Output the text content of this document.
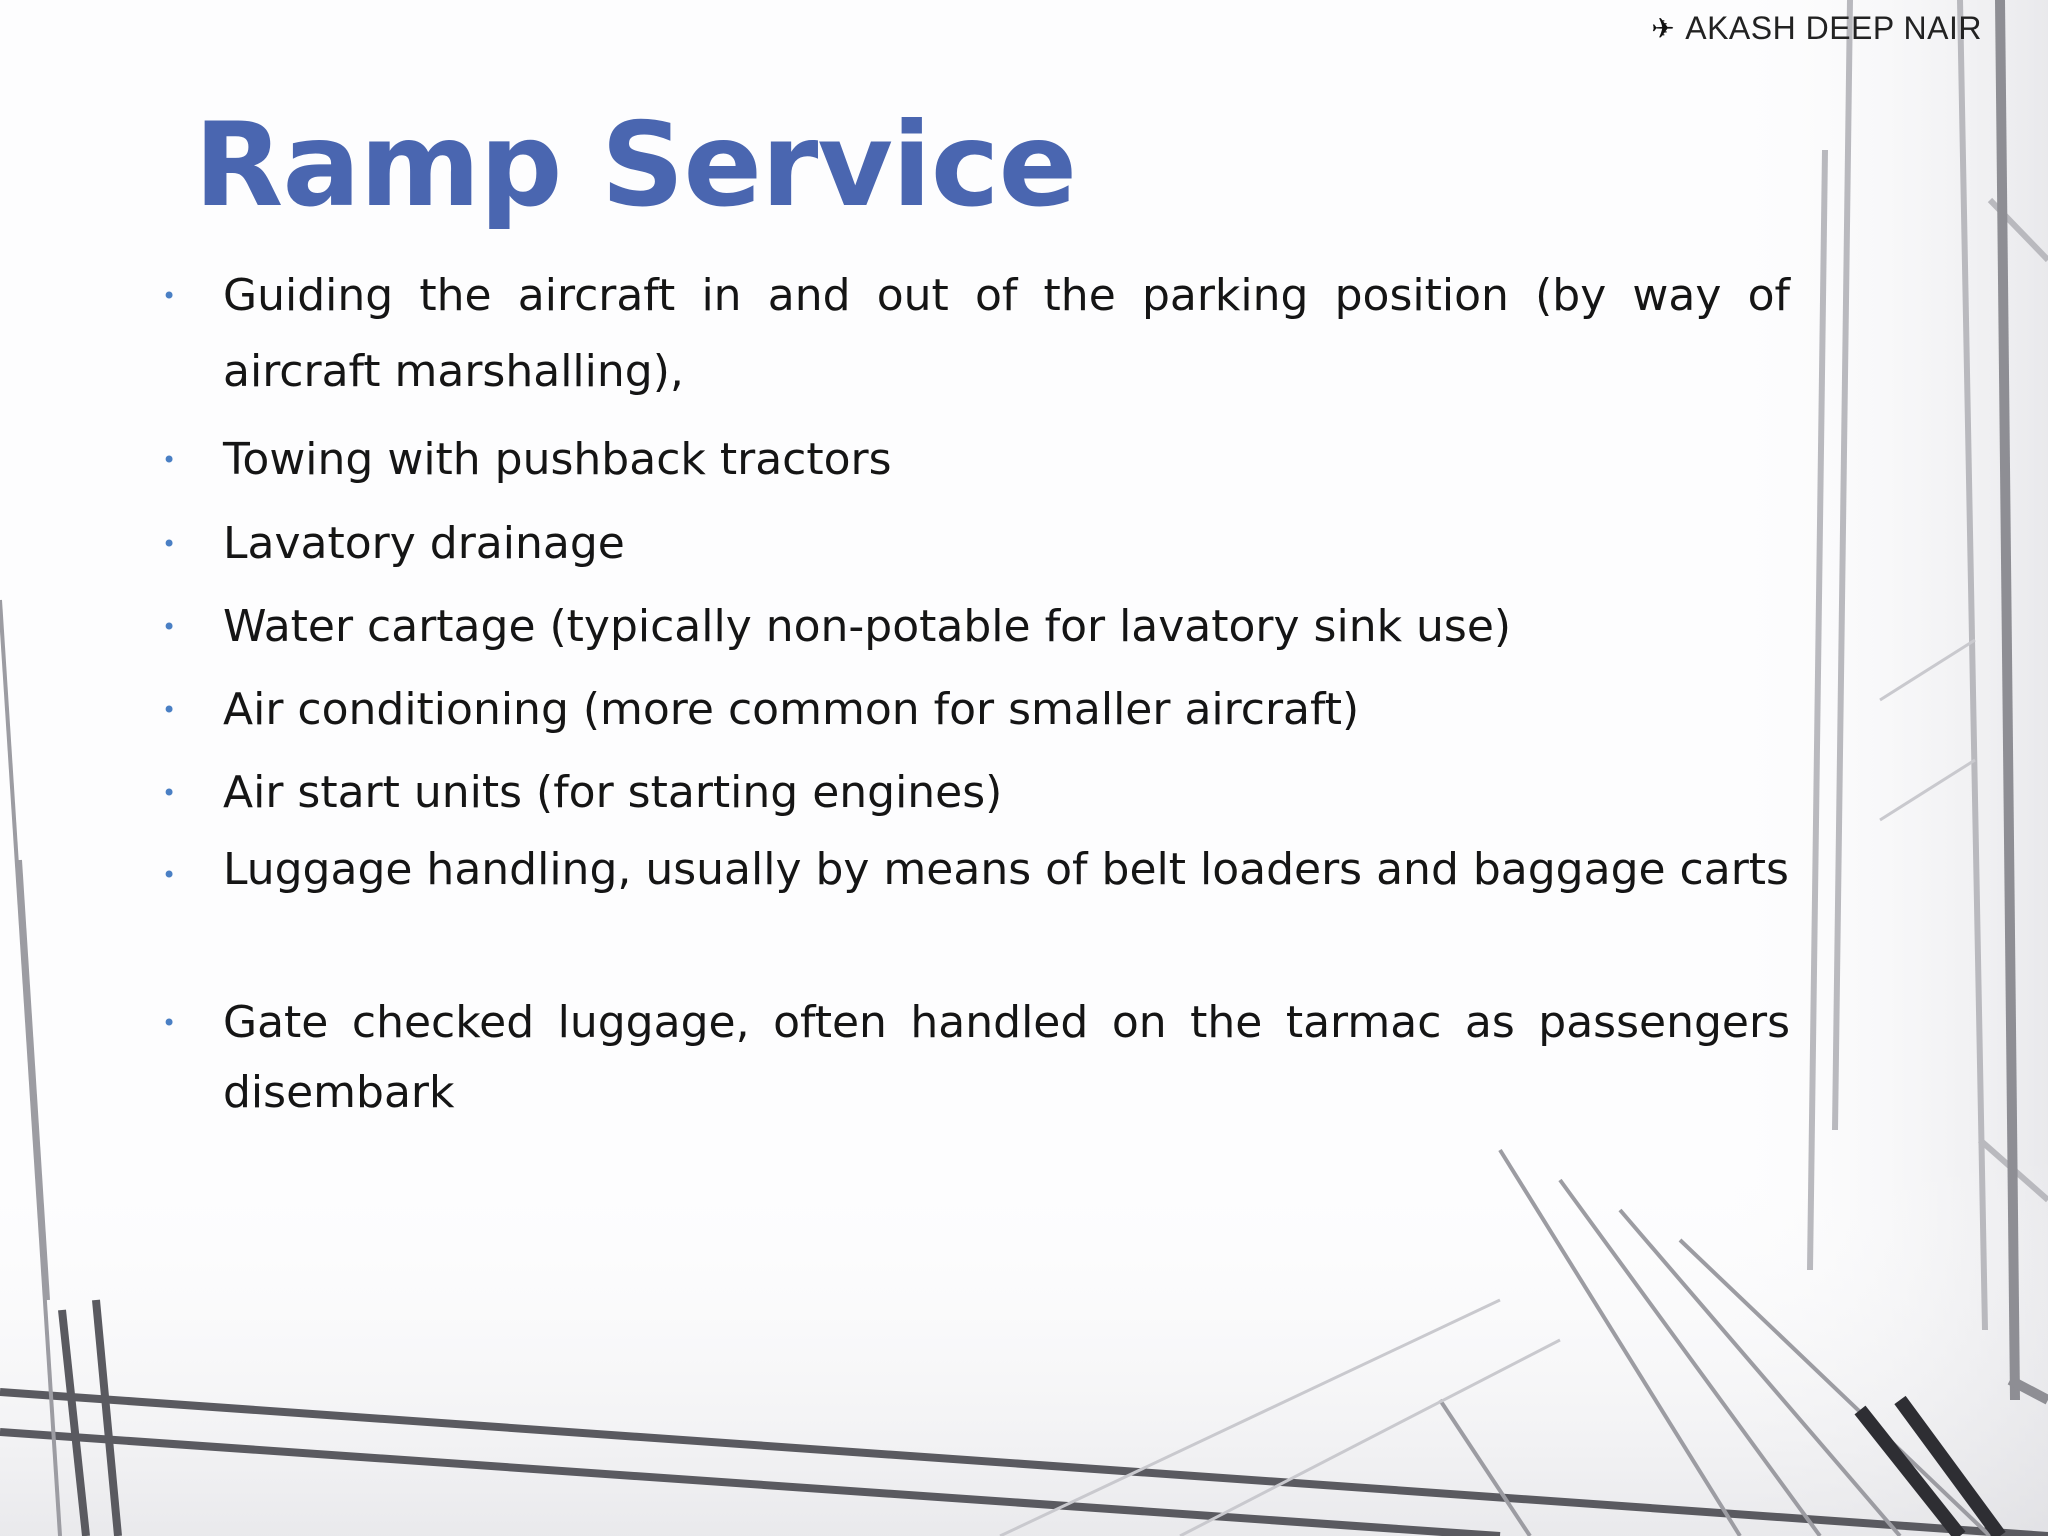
✈ AKASH DEEP NAIR
Ramp Service
•	Guiding the aircraft in and out of the parking position (by way of aircraft marshalling),
•	Towing with pushback tractors
•	Lavatory drainage
•	Water cartage (typically non-potable for lavatory sink use)
•	Air conditioning (more common for smaller aircraft)
•	Air start units (for starting engines)
•	Luggage handling, usually by means of belt loaders and baggage carts
•	Gate checked luggage, often handled on the tarmac as passengers disembark
